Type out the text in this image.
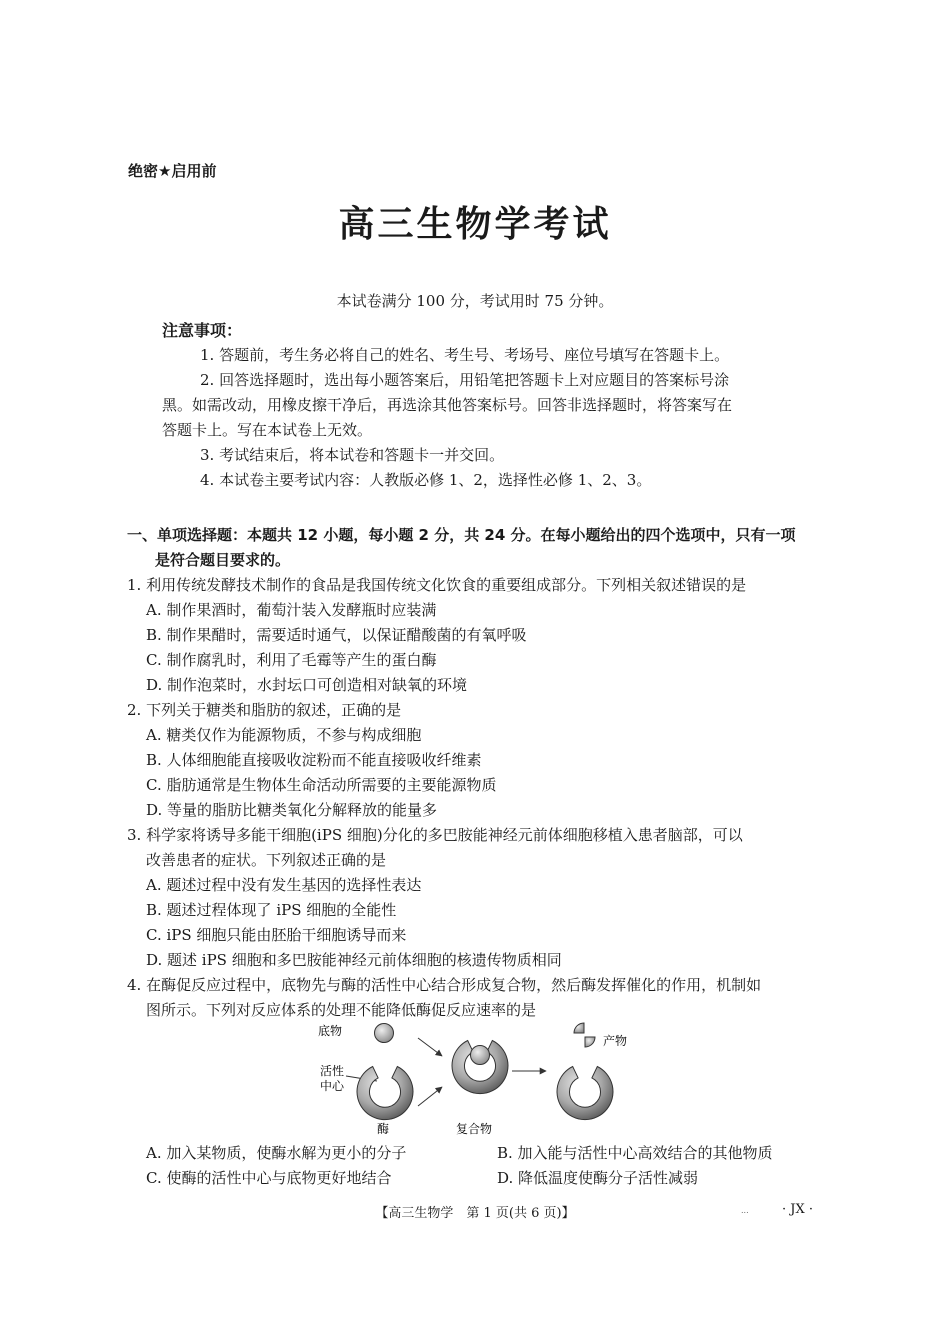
绝密★启用前
高三生物学考试
本试卷满分 100 分，考试用时 75 分钟。
注意事项：
1. 答题前，考生务必将自己的姓名、考生号、考场号、座位号填写在答题卡上。
2. 回答选择题时，选出每小题答案后，用铅笔把答题卡上对应题目的答案标号涂
黑。如需改动，用橡皮擦干净后，再选涂其他答案标号。回答非选择题时，将答案写在
答题卡上。写在本试卷上无效。
3. 考试结束后，将本试卷和答题卡一并交回。
4. 本试卷主要考试内容：人教版必修 1、2，选择性必修 1、2、3。
一、单项选择题：本题共 12 小题，每小题 2 分，共 24 分。在每小题给出的四个选项中，只有一项
是符合题目要求的。
1. 利用传统发酵技术制作的食品是我国传统文化饮食的重要组成部分。下列相关叙述错误的是
A. 制作果酒时，葡萄汁装入发酵瓶时应装满
B. 制作果醋时，需要适时通气，以保证醋酸菌的有氧呼吸
C. 制作腐乳时，利用了毛霉等产生的蛋白酶
D. 制作泡菜时，水封坛口可创造相对缺氧的环境
2. 下列关于糖类和脂肪的叙述，正确的是
A. 糖类仅作为能源物质，不参与构成细胞
B. 人体细胞能直接吸收淀粉而不能直接吸收纤维素
C. 脂肪通常是生物体生命活动所需要的主要能源物质
D. 等量的脂肪比糖类氧化分解释放的能量多
3. 科学家将诱导多能干细胞(iPS 细胞)分化的多巴胺能神经元前体细胞移植入患者脑部，可以
改善患者的症状。下列叙述正确的是
A. 题述过程中没有发生基因的选择性表达
B. 题述过程体现了 iPS 细胞的全能性
C. iPS 细胞只能由胚胎干细胞诱导而来
D. 题述 iPS 细胞和多巴胺能神经元前体细胞的核遗传物质相同
4. 在酶促反应过程中，底物先与酶的活性中心结合形成复合物，然后酶发挥催化的作用，机制如
图所示。下列对反应体系的处理不能降低酶促反应速率的是
底物
活性
中心
酶	复合物
产物
A. 加入某物质，使酶水解为更小的分子	B. 加入能与活性中心高效结合的其他物质
C. 使酶的活性中心与底物更好地结合	D. 降低温度使酶分子活性减弱
【高三生物学　第 1 页(共 6 页)】	...	· JX ·
